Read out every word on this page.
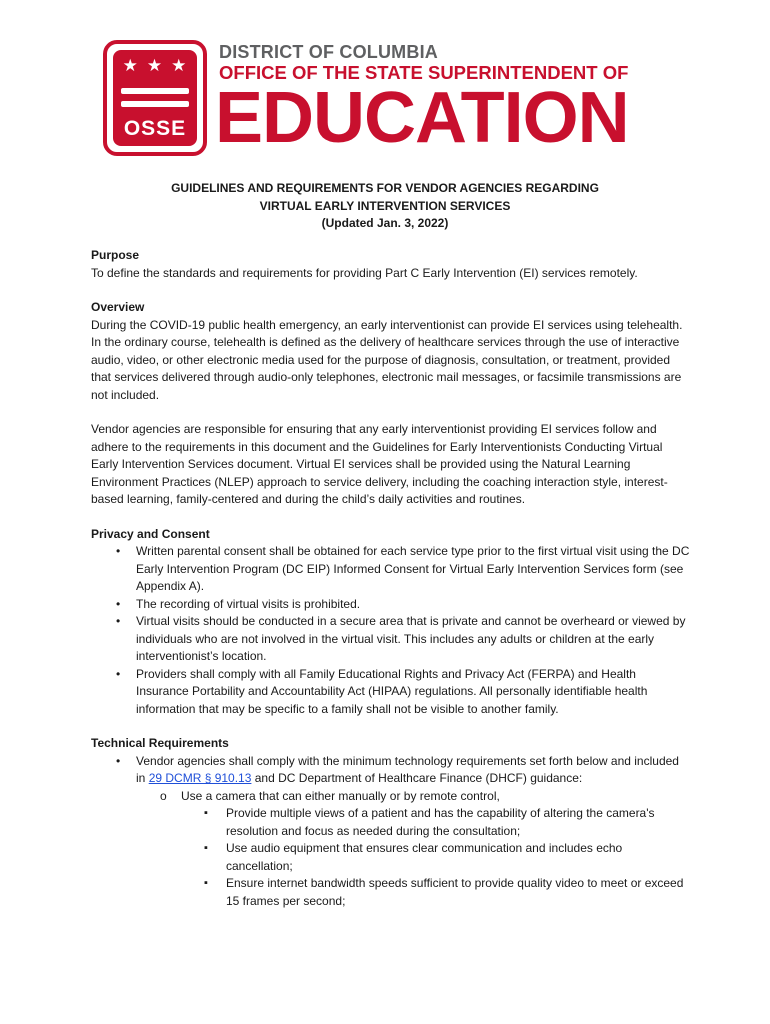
★★★
OSSE
DISTRICT OF COLUMBIA
OFFICE OF THE STATE SUPERINTENDENT OF
EDUCATION
GUIDELINES AND REQUIREMENTS FOR VENDOR AGENCIES REGARDING
VIRTUAL EARLY INTERVENTION SERVICES
(Updated Jan. 3, 2022)
Purpose

To define the standards and requirements for providing Part C Early Intervention (EI) services remotely.

Overview

During the COVID-19 public health emergency, an early interventionist can provide EI services using telehealth. In the ordinary course, telehealth is defined as the delivery of healthcare services through the use of interactive audio, video, or other electronic media used for the purpose of diagnosis, consultation, or treatment, provided that services delivered through audio-only telephones, electronic mail messages, or facsimile transmissions are not included.

Vendor agencies are responsible for ensuring that any early interventionist providing EI services follow and adhere to the requirements in this document and the Guidelines for Early Interventionists Conducting Virtual Early Intervention Services document. Virtual EI services shall be provided using the Natural Learning Environment Practices (NLEP) approach to service delivery, including the coaching interaction style, interest-based learning, family-centered and during the child’s daily activities and routines.

Privacy and Consent
• Written parental consent shall be obtained for each service type prior to the first virtual visit using the DC Early Intervention Program (DC EIP) Informed Consent for Virtual Early Intervention Services form (see Appendix A).
• The recording of virtual visits is prohibited.
• Virtual visits should be conducted in a secure area that is private and cannot be overheard or viewed by individuals who are not involved in the virtual visit. This includes any adults or children at the early interventionist’s location.
• Providers shall comply with all Family Educational Rights and Privacy Act (FERPA) and Health Insurance Portability and Accountability Act (HIPAA) regulations. All personally identifiable health information that may be specific to a family shall not be visible to another family.
Technical Requirements
• Vendor agencies shall comply with the minimum technology requirements set forth below and included in 29 DCMR § 910.13 and DC Department of Healthcare Finance (DHCF) guidance:
o Use a camera that can either manually or by remote control,
▪ Provide multiple views of a patient and has the capability of altering the camera's resolution and focus as needed during the consultation;
▪ Use audio equipment that ensures clear communication and includes echo cancellation;
▪ Ensure internet bandwidth speeds sufficient to provide quality video to meet or exceed 15 frames per second;
